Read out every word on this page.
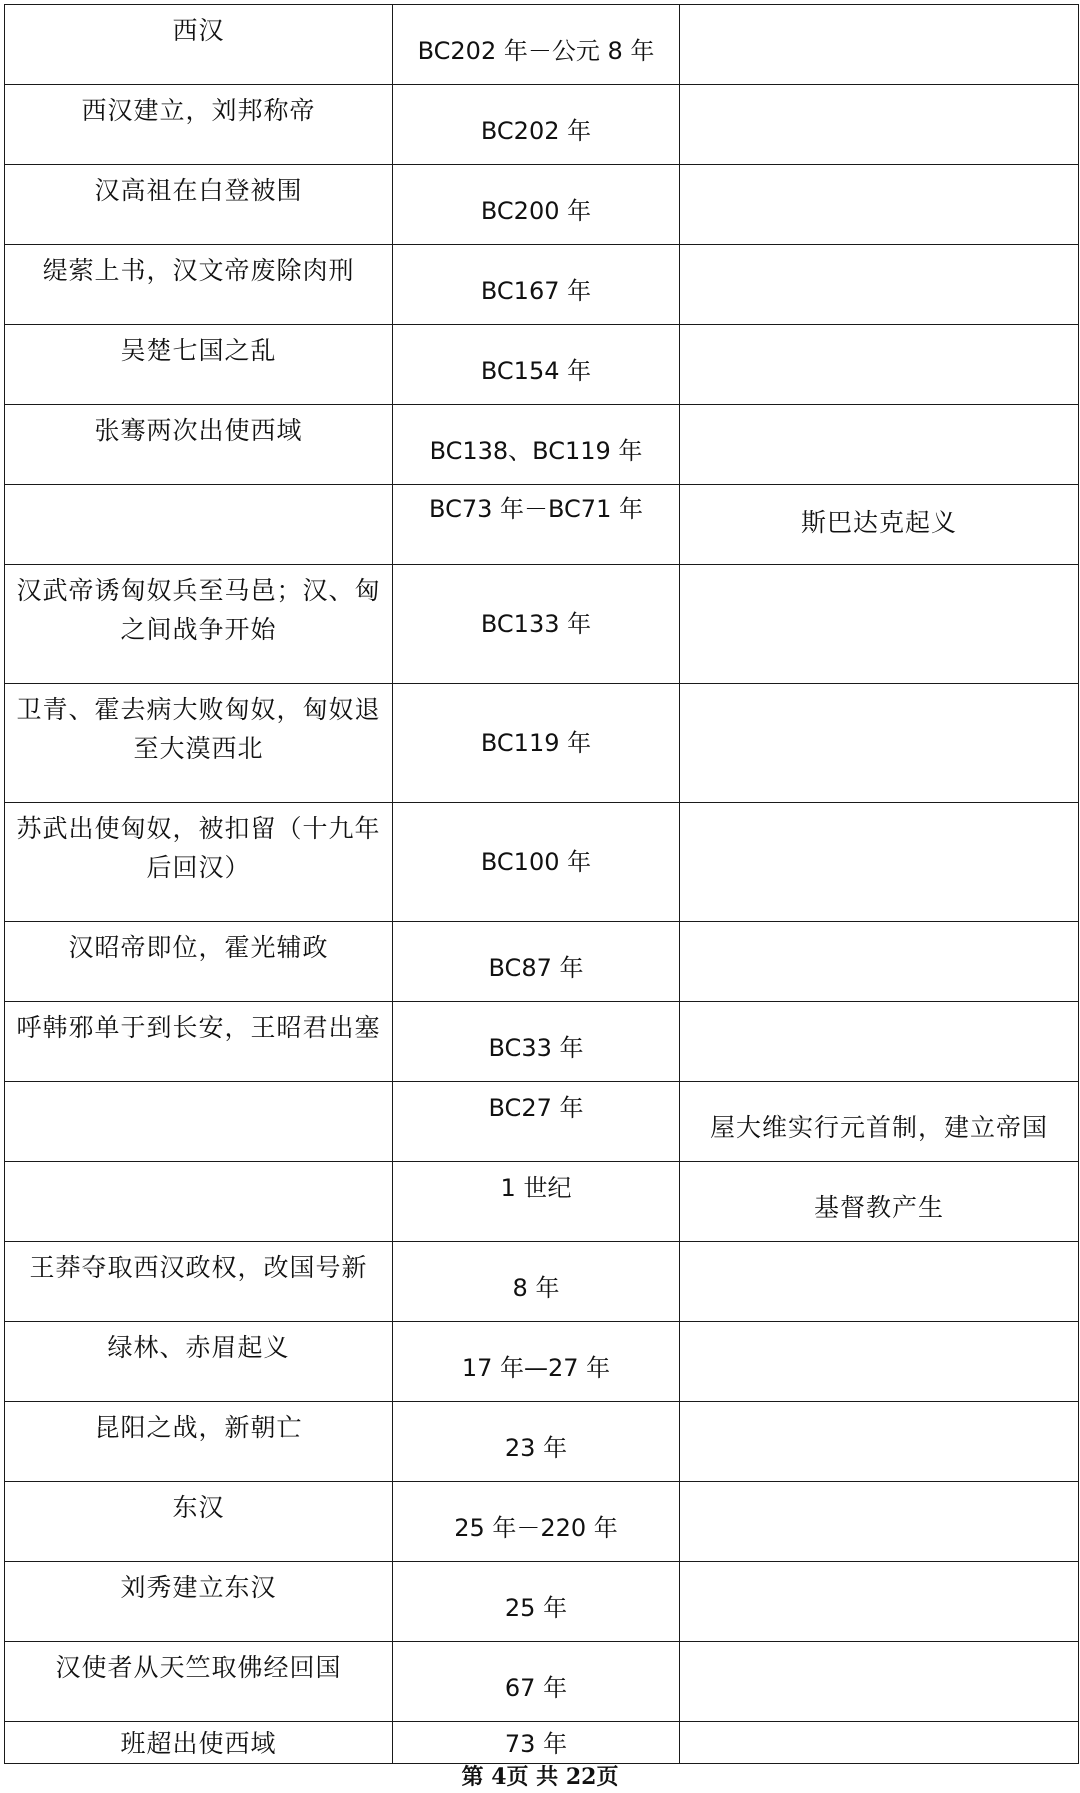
西汉	BC202 年－公元 8 年	

西汉建立，刘邦称帝	BC202 年	

汉高祖在白登被围	BC200 年	

缇萦上书，汉文帝废除肉刑	BC167 年	

吴楚七国之乱	BC154 年	

张骞两次出使西域	BC138、BC119 年	

	BC73 年－BC71 年	斯巴达克起义

汉武帝诱匈奴兵至马邑；汉、匈之间战争开始	BC133 年	

卫青、霍去病大败匈奴，匈奴退至大漠西北	BC119 年	

苏武出使匈奴，被扣留（十九年后回汉）	BC100 年	

汉昭帝即位，霍光辅政	BC87 年	

呼韩邪单于到长安，王昭君出塞	BC33 年	

	BC27 年	屋大维实行元首制，建立帝国

	1 世纪	基督教产生

王莽夺取西汉政权，改国号新	8 年	

绿林、赤眉起义	17 年—27 年	

昆阳之战，新朝亡	23 年	

东汉	25 年－220 年	

刘秀建立东汉	25 年	

汉使者从天竺取佛经回国	67 年	

班超出使西域	73 年	

第 4页 共 22页
